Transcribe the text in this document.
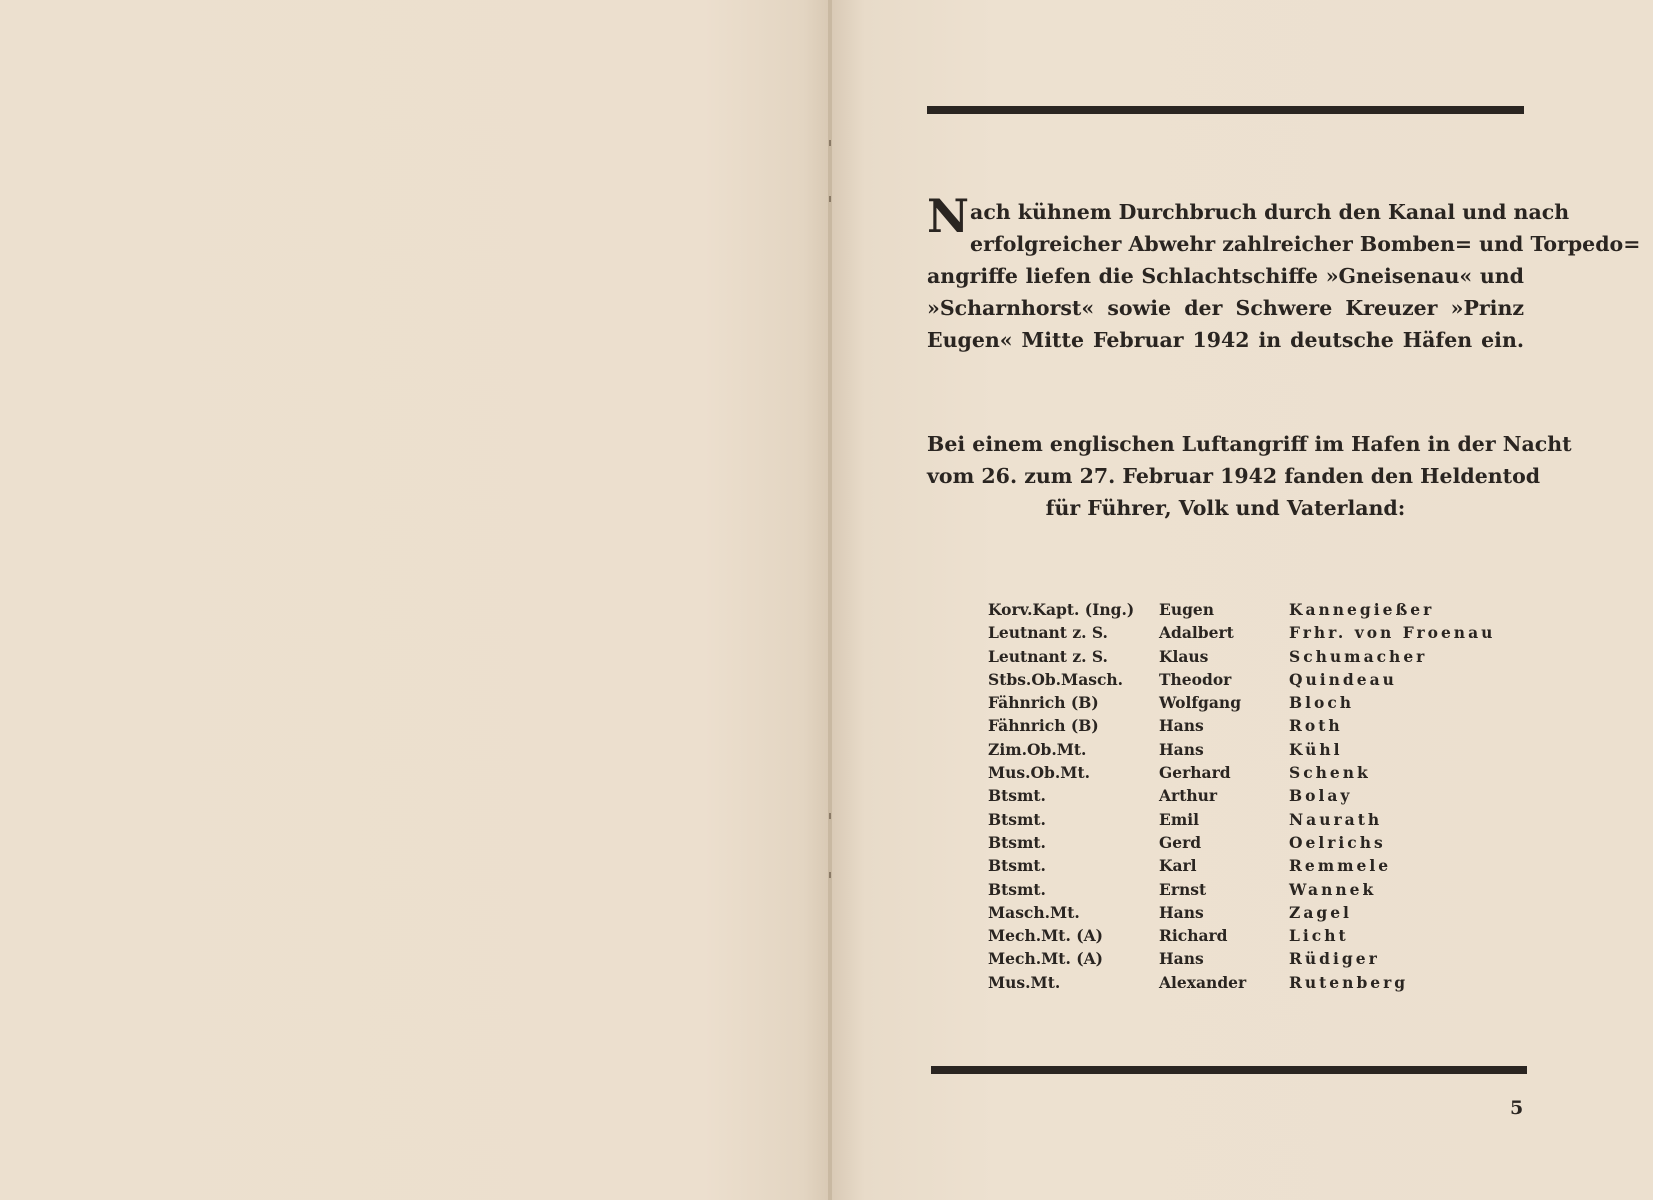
N ach kühnem Durchbruch durch den Kanal und nach
erfolgreicher Abwehr zahlreicher Bomben= und Torpedo=
angriffe liefen die Schlachtschiffe »Gneisenau« und
»Scharnhorst« sowie der Schwere Kreuzer »Prinz
Eugen« Mitte Februar 1942 in deutsche Häfen ein.
Bei einem englischen Luftangriff im Hafen in der Nacht
vom 26. zum 27. Februar 1942 fanden den Heldentod
für Führer, Volk und Vaterland:
Korv.Kapt. (Ing.)	Eugen	Kannegießer
Leutnant z. S.	Adalbert	Frhr. von Froenau
Leutnant z. S.	Klaus	Schumacher
Stbs.Ob.Masch.	Theodor	Quindeau
Fähnrich (B)	Wolfgang	Bloch
Fähnrich (B)	Hans	Roth
Zim.Ob.Mt.	Hans	Kühl
Mus.Ob.Mt.	Gerhard	Schenk
Btsmt.	Arthur	Bolay
Btsmt.	Emil	Naurath
Btsmt.	Gerd	Oelrichs
Btsmt.	Karl	Remmele
Btsmt.	Ernst	Wannek
Masch.Mt.	Hans	Zagel
Mech.Mt. (A)	Richard	Licht
Mech.Mt. (A)	Hans	Rüdiger
Mus.Mt.	Alexander	Rutenberg
5
